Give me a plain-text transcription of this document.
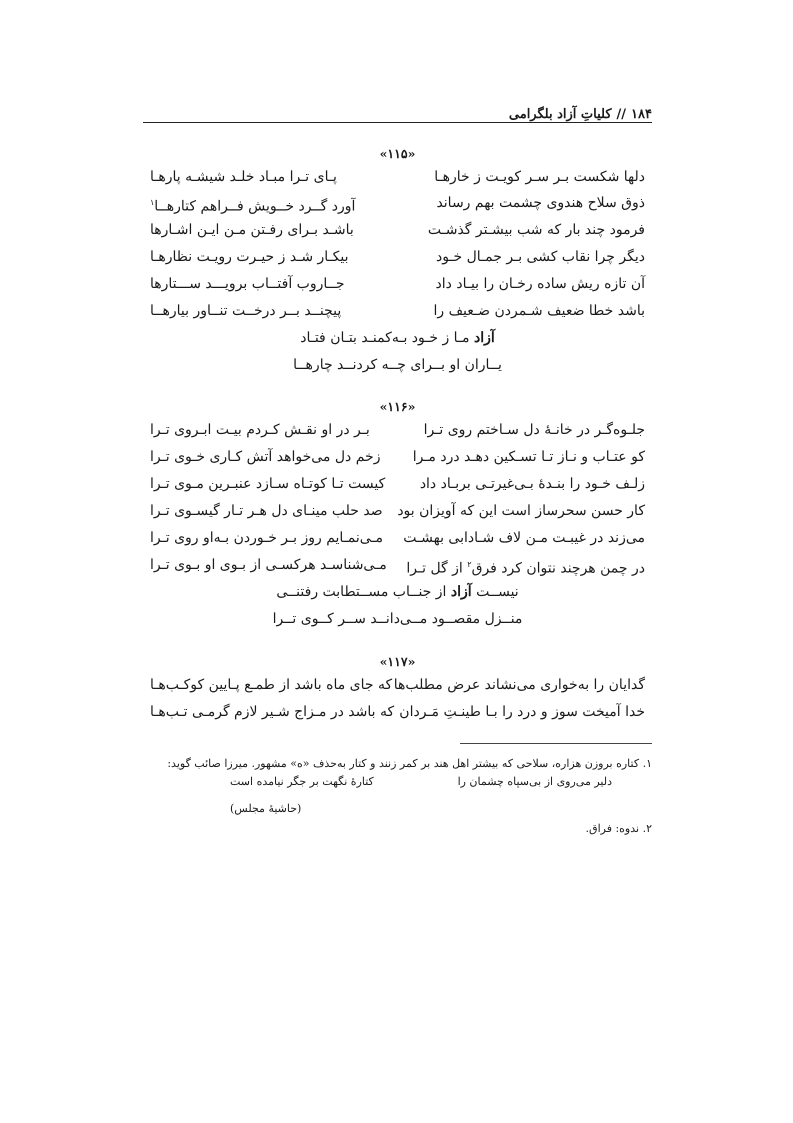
۱۸۴
//
کلیاتِ آزاد بلگرامی
«۱۱۵»
دلها شکست بـر سـر کویـت ز خارهـا
پـای تـرا مبـاد خلـد شیشـه پارهـا
ذوق سلاح هندوی چشمت بهم رساند
آورد گــرد خــویش فــراهم کتارهــا$^۱$
فرمود چند بار که شب بیشـتر گذشـت
باشـد بـرای رفـتن مـن ایـن اشـارها
دیگر چرا نقاب کشی بـر جمـال خـود
بیکـار شـد ز حیـرت رویـت نظارهـا
آن تازه ریش ساده رخـان را بیـاد داد
جــاروب آفتــاب برویـــد ســـتارها
باشد خطا ضعیف شـمردن ضـعیف را
پیچنــد بــر درخــت تنــاور بیارهــا
آزاد مـا ز خـود بـه‌کمنـد بتـان فتـاد
یــاران او بــرای چــه کردنــد چارهــا
«۱۱۶»
جلـوه‌گـر در خانـهٔ دل سـاختم روی تـرا
بـر در او نقـش کـردم بیـت ابـروی تـرا
کو عتـاب و نـاز تـا تسـکین دهـد درد مـرا
زخم دل می‌خواهد آتش کـاری خـوی تـرا
زلـف خـود را بنـدهٔ بـی‌غیرتـی بربـاد داد
کیست تـا کوتـاه سـازد عنبـرین مـوی تـرا
کار حسن سحرساز است این که آویزان بود
صد حلب مینـای دل هـر تـار گیسـوی تـرا
می‌زند در غیبـت مـن لاف شـادابی بهشـت
مـی‌نمـایم روز بـر خـوردن بـه‌او روی تـرا
در چمن هرچند نتوان کرد فرق$^۲$ از گل تـرا
مـی‌شناسـد هرکسـی از بـوی او بـوی تـرا
نیســت آزاد از جنــاب مســتطابت رفتنــی
منــزل مقصــود مــی‌دانــد ســر کــوی تــرا
«۱۱۷»
گدایان را به‌خواری می‌نشاند عرض مطلب‌ها
که جای ماه باشد از طمـع پـایین کوکـب‌هـا
خدا آمیخت سوز و درد را بـا طینـتِ مَـردان
که باشد در مـزاج شـیر لازم گرمـی تـب‌هـا
۱. کتاره بروزن هزاره، سلاحی که بیشتر اهل هند بر کمر زنند و کتار به‌حذف «ه» مشهور. میرزا صائب گوید:
دلیر می‌روی از بی‌سپاه چشمان را
کتارهٔ نگهت بر جگر نیامده است
(حاشیهٔ مجلس)
۲. ندوه: فراق.
